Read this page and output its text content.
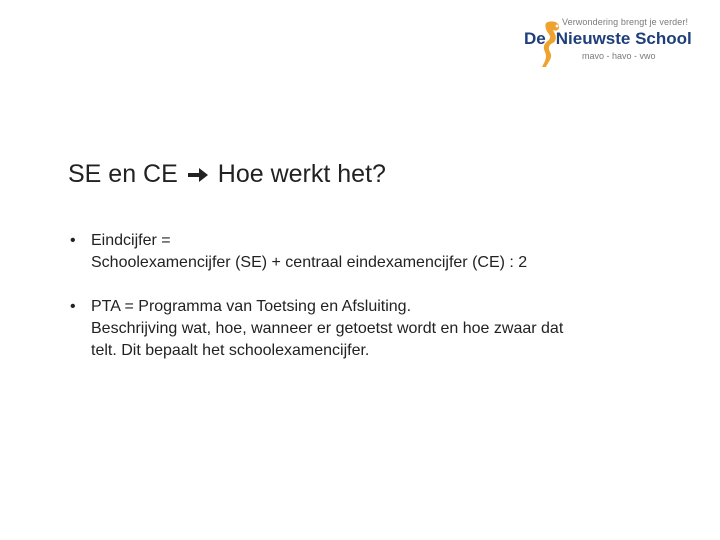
Verwondering brengt je verder!
De Nieuwste School
mavo - havo - vwo
SE en CE Hoe werkt het?
• Eindcijfer =
Schoolexamencijfer (SE) + centraal eindexamencijfer (CE) : 2
• PTA = Programma van Toetsing en Afsluiting.
Beschrijving wat, hoe, wanneer er getoetst wordt en hoe zwaar dat
telt. Dit bepaalt het schoolexamencijfer.
